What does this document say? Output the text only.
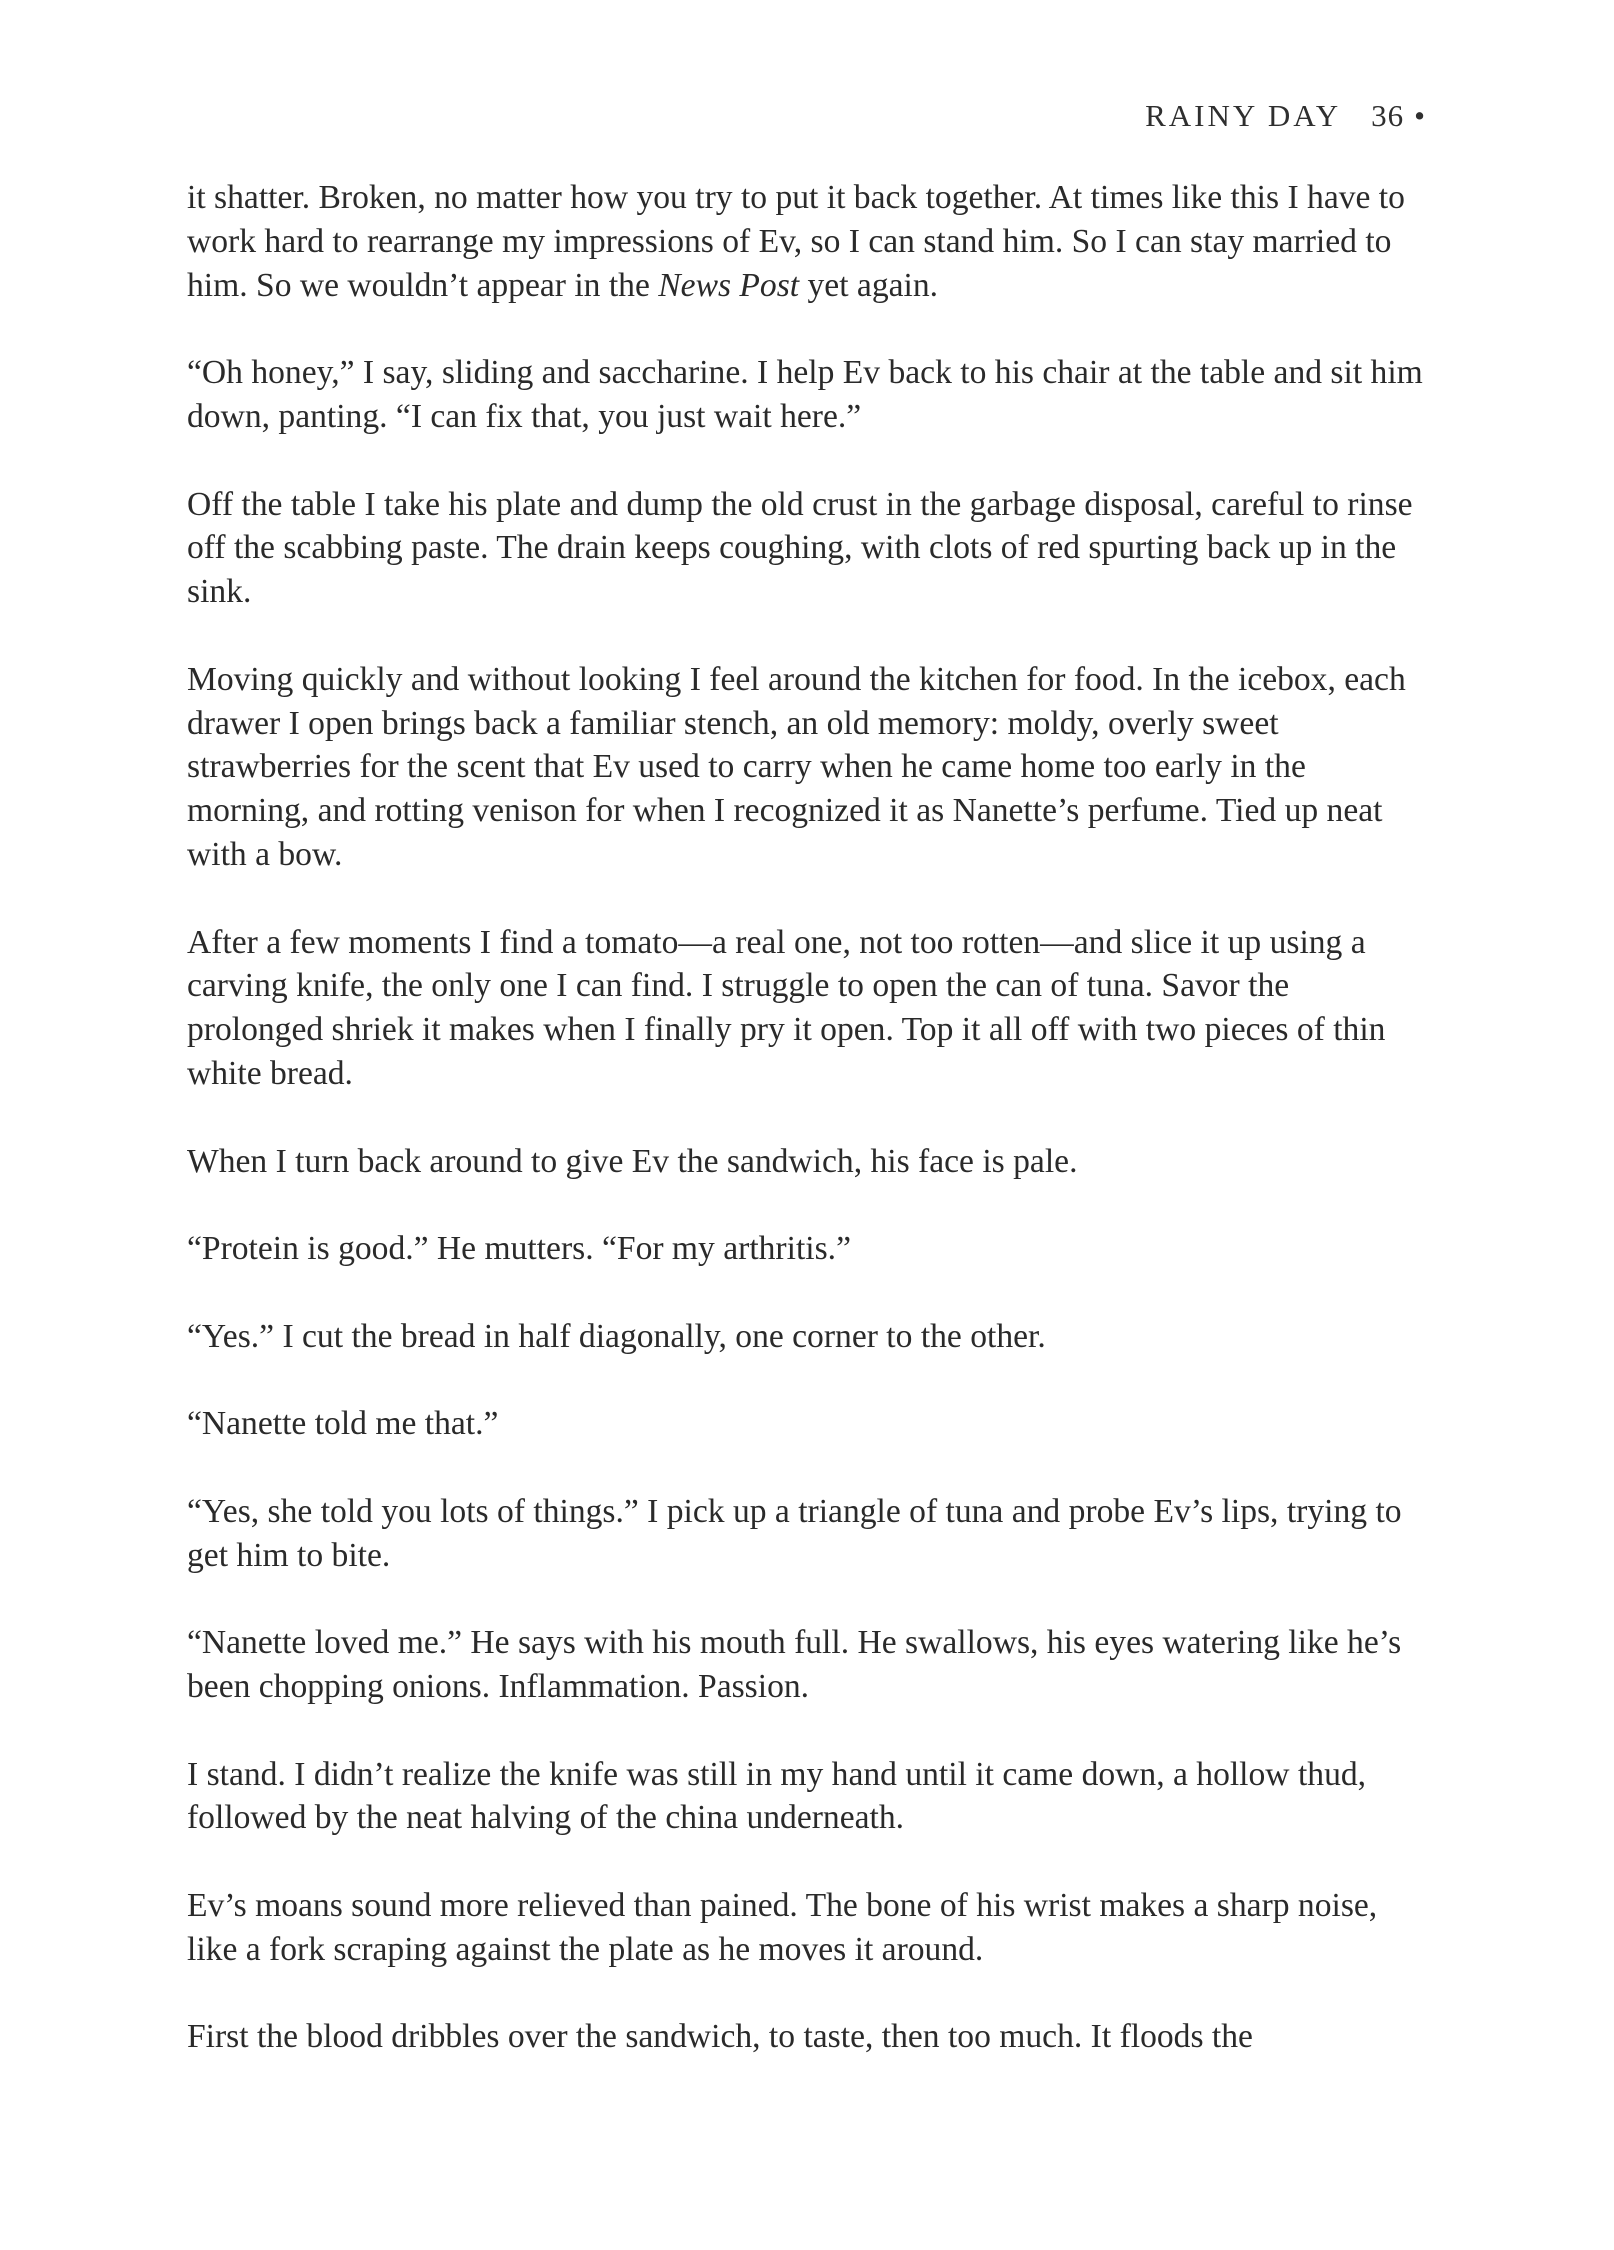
RAINY DAY 36 •

it shatter. Broken, no matter how you try to put it back together. At times like this I have to work hard to rearrange my impressions of Ev, so I can stand him. So I can stay married to him. So we wouldn’t appear in the News Post yet again.

“Oh honey,” I say, sliding and saccharine. I help Ev back to his chair at the table and sit him down, panting. “I can fix that, you just wait here.”

Off the table I take his plate and dump the old crust in the garbage disposal, careful to rinse off the scabbing paste. The drain keeps coughing, with clots of red spurting back up in the sink.

Moving quickly and without looking I feel around the kitchen for food. In the icebox, each drawer I open brings back a familiar stench, an old memory: moldy, overly sweet strawberries for the scent that Ev used to carry when he came home too early in the morning, and rotting venison for when I recognized it as Nanette’s perfume. Tied up neat with a bow.

After a few moments I find a tomato—a real one, not too rotten—and slice it up using a carving knife, the only one I can find. I struggle to open the can of tuna. Savor the prolonged shriek it makes when I finally pry it open. Top it all off with two pieces of thin white bread.

When I turn back around to give Ev the sandwich, his face is pale.

“Protein is good.” He mutters. “For my arthritis.”

“Yes.” I cut the bread in half diagonally, one corner to the other.

“Nanette told me that.”

“Yes, she told you lots of things.” I pick up a triangle of tuna and probe Ev’s lips, trying to get him to bite.

“Nanette loved me.” He says with his mouth full. He swallows, his eyes watering like he’s been chopping onions. Inflammation. Passion.

I stand. I didn’t realize the knife was still in my hand until it came down, a hollow thud, followed by the neat halving of the china underneath.

Ev’s moans sound more relieved than pained. The bone of his wrist makes a sharp noise, like a fork scraping against the plate as he moves it around.

First the blood dribbles over the sandwich, to taste, then too much. It floods the
